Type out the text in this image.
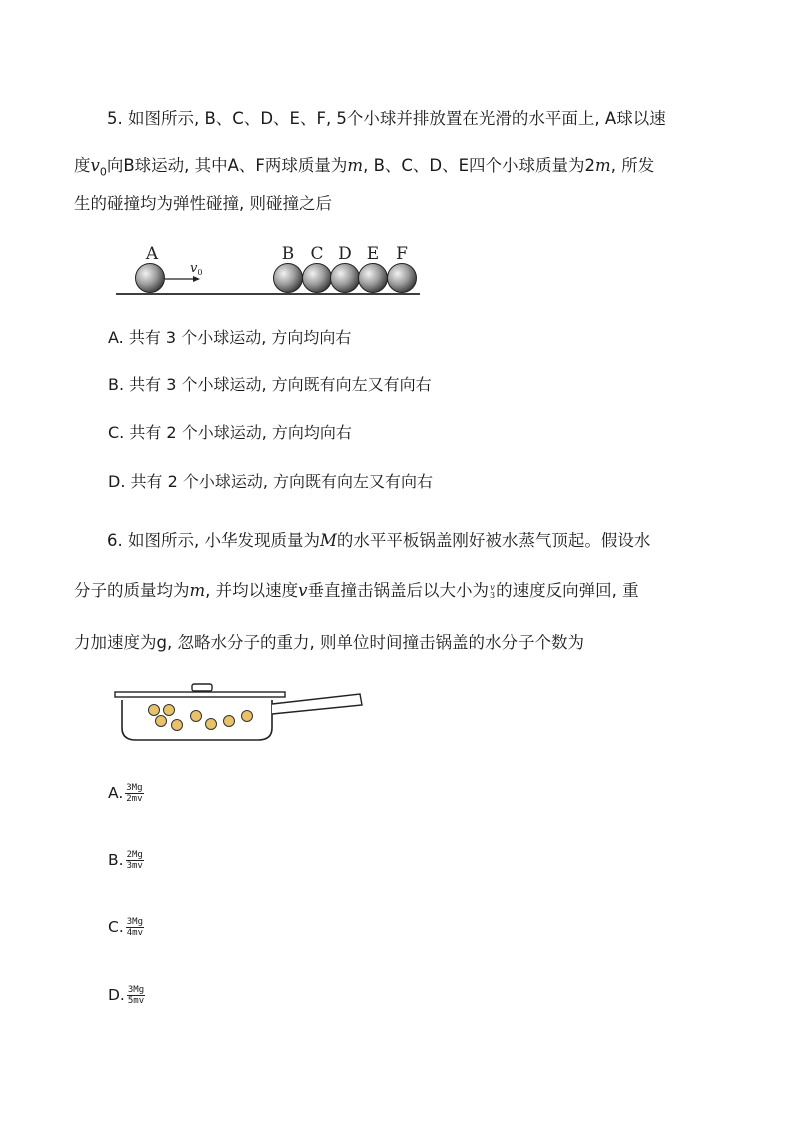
5. 如图所示, B、C、D、E、F, 5个小球并排放置在光滑的水平面上, A球以速
度$v_0$向B球运动, 其中A、F两球质量为m, B、C、D、E四个小球质量为2m, 所发
生的碰撞均为弹性碰撞, 则碰撞之后
A
$v_0$
B C D E F
A. 共有 3 个小球运动, 方向均向右
B. 共有 3 个小球运动, 方向既有向左又有向右
C. 共有 2 个小球运动, 方向均向右
D. 共有 2 个小球运动, 方向既有向左又有向右
6. 如图所示, 小华发现质量为M的水平平板锅盖刚好被水蒸气顶起。假设水
分子的质量均为m, 并均以速度v垂直撞击锅盖后以大小为 v
3 的速度反向弹回, 重
力加速度为g, 忽略水分子的重力, 则单位时间撞击锅盖的水分子个数为
A. $\frac{3Mg}{2mv}$
B. $\frac{2Mg}{3mv}$
C. $\frac{3Mg}{4mv}$
D. $\frac{3Mg}{5mv}$
